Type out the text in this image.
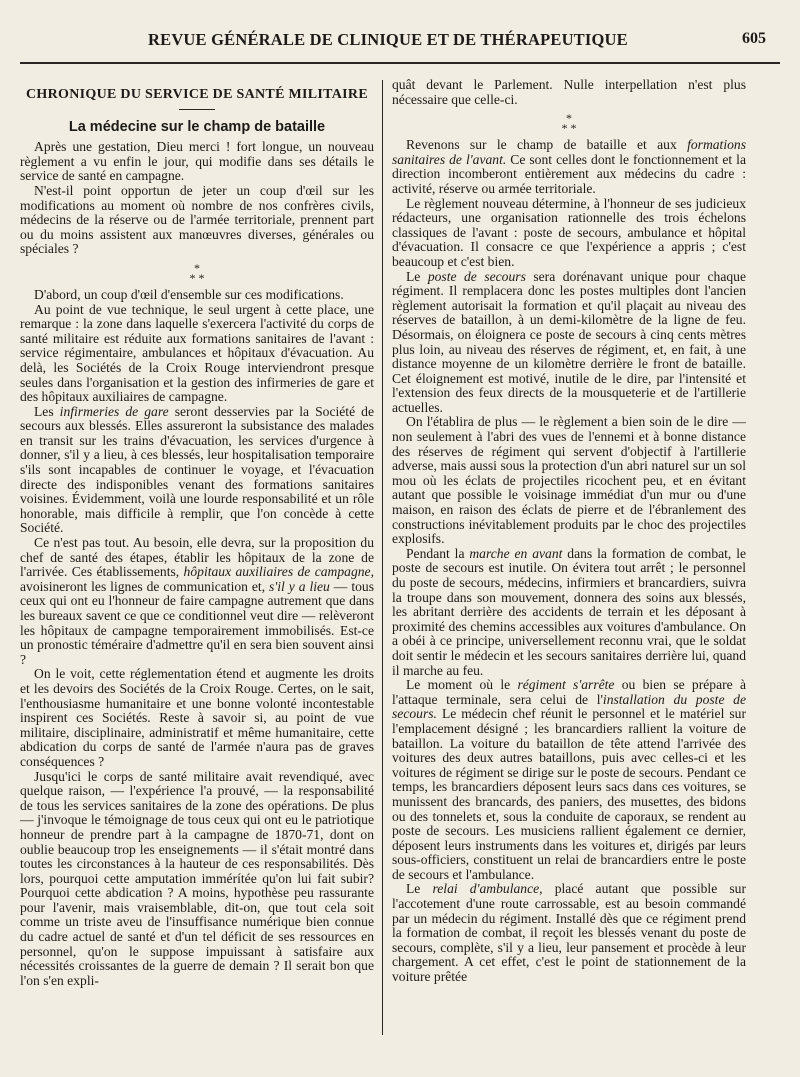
REVUE GÉNÉRALE DE CLINIQUE ET DE THÉRAPEUTIQUE	605
CHRONIQUE DU SERVICE DE SANTÉ MILITAIRE
La médecine sur le champ de bataille

Après une gestation, Dieu merci ! fort longue, un nouveau règlement a vu enfin le jour, qui modifie dans ses détails le service de santé en campagne.

N'est-il point opportun de jeter un coup d'œil sur les modifications au moment où nombre de nos confrères civils, médecins de la réserve ou de l'armée territoriale, prennent part ou du moins assistent aux manœuvres diverses, générales ou spéciales ?

*
* *

D'abord, un coup d'œil d'ensemble sur ces modifications.

Au point de vue technique, le seul urgent à cette place, une remarque : la zone dans laquelle s'exercera l'activité du corps de santé militaire est réduite aux formations sanitaires de l'avant : service régimentaire, ambulances et hôpitaux d'évacuation. Au delà, les Sociétés de la Croix Rouge interviendront presque seules dans l'organisation et la gestion des infirmeries de gare et des hôpitaux auxiliaires de campagne.

Les infirmeries de gare seront desservies par la Société de secours aux blessés. Elles assureront la subsistance des malades en transit sur les trains d'évacuation, les services d'urgence à donner, s'il y a lieu, à ces blessés, leur hospitalisation temporaire s'ils sont incapables de continuer le voyage, et l'évacuation directe des indisponibles venant des formations sanitaires voisines. Évidemment, voilà une lourde responsabilité et un rôle honorable, mais difficile à remplir, que l'on concède à cette Société.

Ce n'est pas tout. Au besoin, elle devra, sur la proposition du chef de santé des étapes, établir les hôpitaux de la zone de l'arrivée. Ces établissements, hôpitaux auxiliaires de campagne, avoisineront les lignes de communication et, s'il y a lieu — tous ceux qui ont eu l'honneur de faire campagne autrement que dans les bureaux savent ce que ce conditionnel veut dire — relèveront les hôpitaux de campagne temporairement immobilisés. Est-ce un pronostic téméraire d'admettre qu'il en sera bien souvent ainsi ?

On le voit, cette réglementation étend et augmente les droits et les devoirs des Sociétés de la Croix Rouge. Certes, on le sait, l'enthousiasme humanitaire et une bonne volonté incontestable inspirent ces Sociétés. Reste à savoir si, au point de vue militaire, disciplinaire, administratif et même humanitaire, cette abdication du corps de santé de l'armée n'aura pas de graves conséquences ?

Jusqu'ici le corps de santé militaire avait revendiqué, avec quelque raison, — l'expérience l'a prouvé, — la responsabilité de tous les services sanitaires de la zone des opérations. De plus — j'invoque le témoignage de tous ceux qui ont eu le patriotique honneur de prendre part à la campagne de 1870-71, dont on oublie beaucoup trop les enseignements — il s'était montré dans toutes les circonstances à la hauteur de ces responsabilités. Dès lors, pourquoi cette amputation immérítée qu'on lui fait subir? Pourquoi cette abdication ? A moins, hypothèse peu rassurante pour l'avenir, mais vraisemblable, dit-on, que tout cela soit comme un triste aveu de l'insuffisance numérique bien connue du cadre actuel de santé et d'un tel déficit de ses ressources en personnel, qu'on le suppose impuissant à satisfaire aux nécessités croissantes de la guerre de demain ? Il serait bon que l'on s'en expli-

quât devant le Parlement. Nulle interpellation n'est plus nécessaire que celle-ci.

*
* *

Revenons sur le champ de bataille et aux formations sanitaires de l'avant. Ce sont celles dont le fonctionnement et la direction incomberont entièrement aux médecins du cadre : activité, réserve ou armée territoriale.

Le règlement nouveau détermine, à l'honneur de ses judicieux rédacteurs, une organisation rationnelle des trois échelons classiques de l'avant : poste de secours, ambulance et hôpital d'évacuation. Il consacre ce que l'expérience a appris ; c'est beaucoup et c'est bien.

Le poste de secours sera dorénavant unique pour chaque régiment. Il remplacera donc les postes multiples dont l'ancien règlement autorisait la formation et qu'il plaçait au niveau des réserves de bataillon, à un demi-kilomètre de la ligne de feu. Désormais, on éloignera ce poste de secours à cinq cents mètres plus loin, au niveau des réserves de régiment, et, en fait, à une distance moyenne de un kilomètre derrière le front de bataille. Cet éloignement est motivé, inutile de le dire, par l'intensité et l'extension des feux directs de la mousqueterie et de l'artillerie actuelles.

On l'établira de plus — le règlement a bien soin de le dire — non seulement à l'abri des vues de l'ennemi et à bonne distance des réserves de régiment qui servent d'objectif à l'artillerie adverse, mais aussi sous la protection d'un abri naturel sur un sol mou où les éclats de projectiles ricochent peu, et en évitant autant que possible le voisinage immédiat d'un mur ou d'une maison, en raison des éclats de pierre et de l'ébranlement des constructions inévitablement produits par le choc des projectiles explosifs.

Pendant la marche en avant dans la formation de combat, le poste de secours est inutile. On évitera tout arrêt ; le personnel du poste de secours, médecins, infirmiers et brancardiers, suivra la troupe dans son mouvement, donnera des soins aux blessés, les abritant derrière des accidents de terrain et les déposant à proximité des chemins accessibles aux voitures d'ambulance. On a obéi à ce principe, universellement reconnu vrai, que le soldat doit sentir le médecin et les secours sanitaires derrière lui, quand il marche au feu.

Le moment où le régiment s'arrête ou bien se prépare à l'attaque terminale, sera celui de l'installation du poste de secours. Le médecin chef réunit le personnel et le matériel sur l'emplacement désigné ; les brancardiers rallient la voiture de bataillon. La voiture du bataillon de tête attend l'arrivée des voitures des deux autres bataillons, puis avec celles-ci et les voitures de régiment se dirige sur le poste de secours. Pendant ce temps, les brancardiers déposent leurs sacs dans ces voitures, se munissent des brancards, des paniers, des musettes, des bidons ou des tonnelets et, sous la conduite de caporaux, se rendent au poste de secours. Les musiciens rallient également ce dernier, déposent leurs instruments dans les voitures et, dirigés par leurs sous-officiers, constituent un relai de brancardiers entre le poste de secours et l'ambulance.

Le relai d'ambulance, placé autant que possible sur l'accotement d'une route carrossable, est au besoin commandé par un médecin du régiment. Installé dès que ce régiment prend la formation de combat, il reçoit les blessés venant du poste de secours, complète, s'il y a lieu, leur pansement et procède à leur chargement. A cet effet, c'est le point de stationnement de la voiture prêtée
